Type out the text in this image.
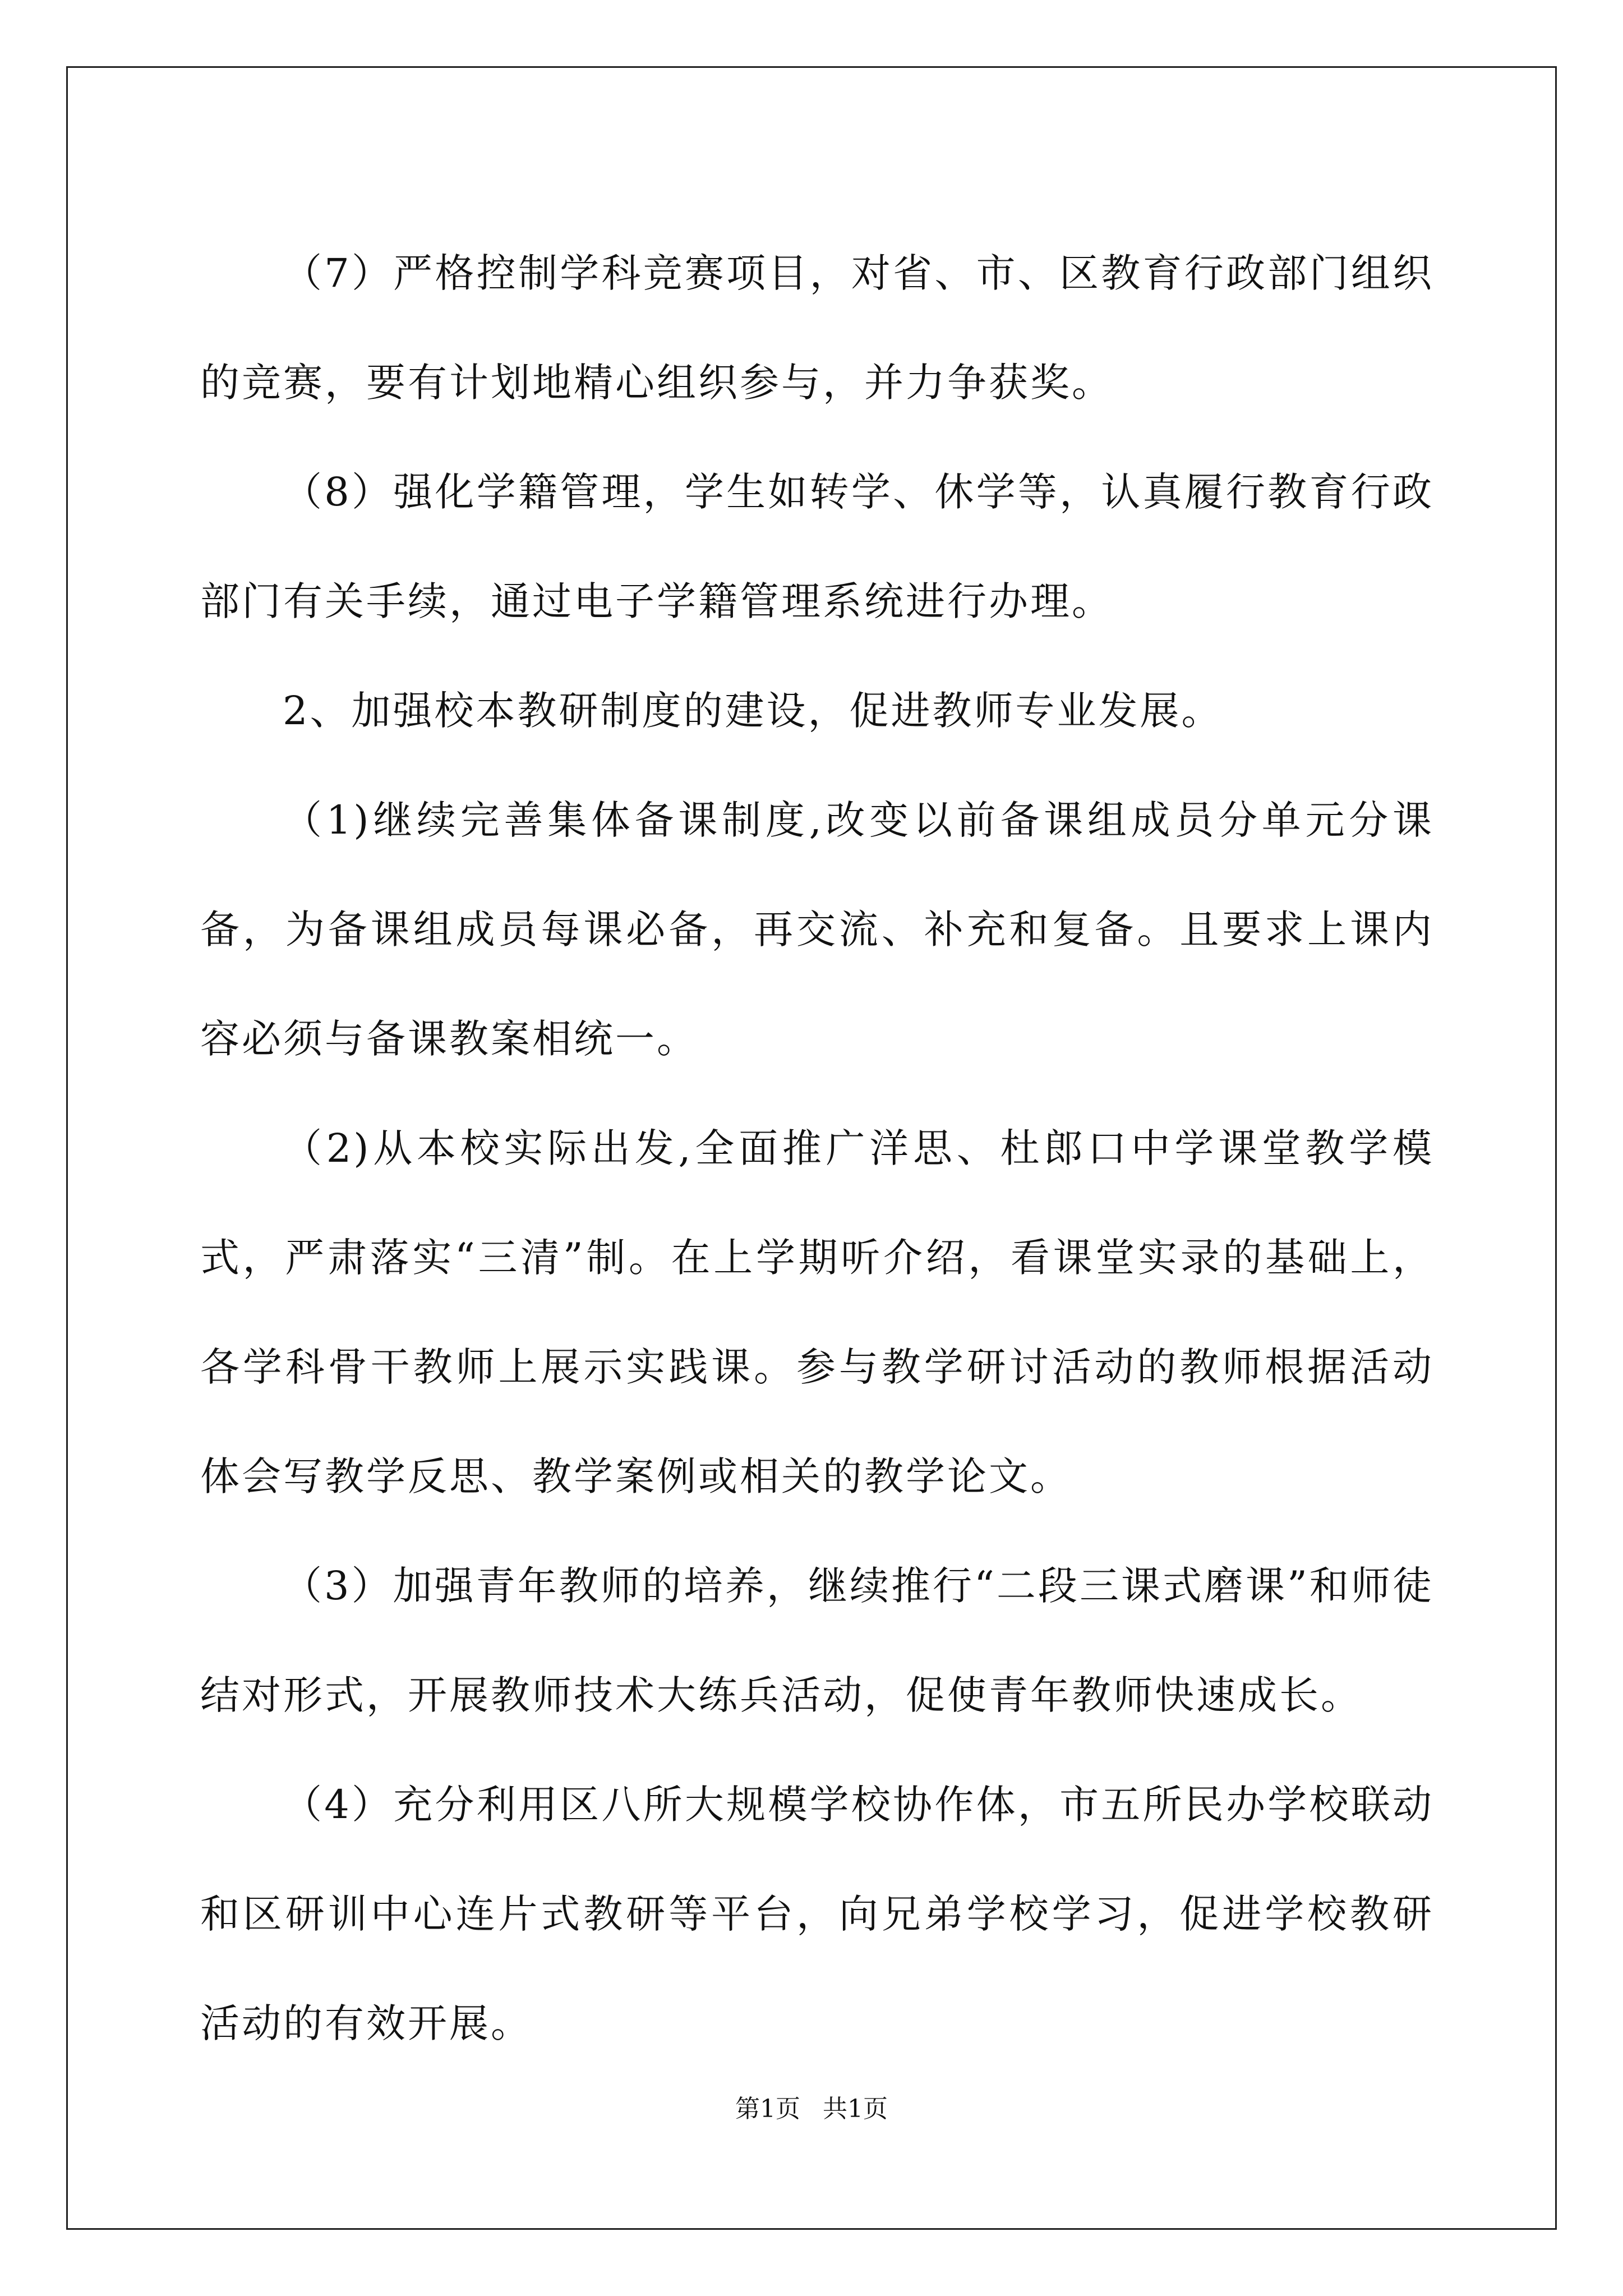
（7）严格控制学科竞赛项目，对省、市、区教育行政部门组织的竞赛，要有计划地精心组织参与，并力争获奖。

（8）强化学籍管理，学生如转学、休学等，认真履行教育行政部门有关手续，通过电子学籍管理系统进行办理。

2、加强校本教研制度的建设，促进教师专业发展。

（1)继续完善集体备课制度,改变以前备课组成员分单元分课备，为备课组成员每课必备，再交流、补充和复备。且要求上课内容必须与备课教案相统一。

（2)从本校实际出发,全面推广洋思、杜郎口中学课堂教学模式，严肃落实“三清”制。在上学期听介绍，看课堂实录的基础上，各学科骨干教师上展示实践课。参与教学研讨活动的教师根据活动体会写教学反思、教学案例或相关的教学论文。

（3）加强青年教师的培养，继续推行“二段三课式磨课”和师徒结对形式，开展教师技术大练兵活动，促使青年教师快速成长。

（4）充分利用区八所大规模学校协作体，市五所民办学校联动和区研训中心连片式教研等平台，向兄弟学校学习，促进学校教研活动的有效开展。

第1页 共1页
